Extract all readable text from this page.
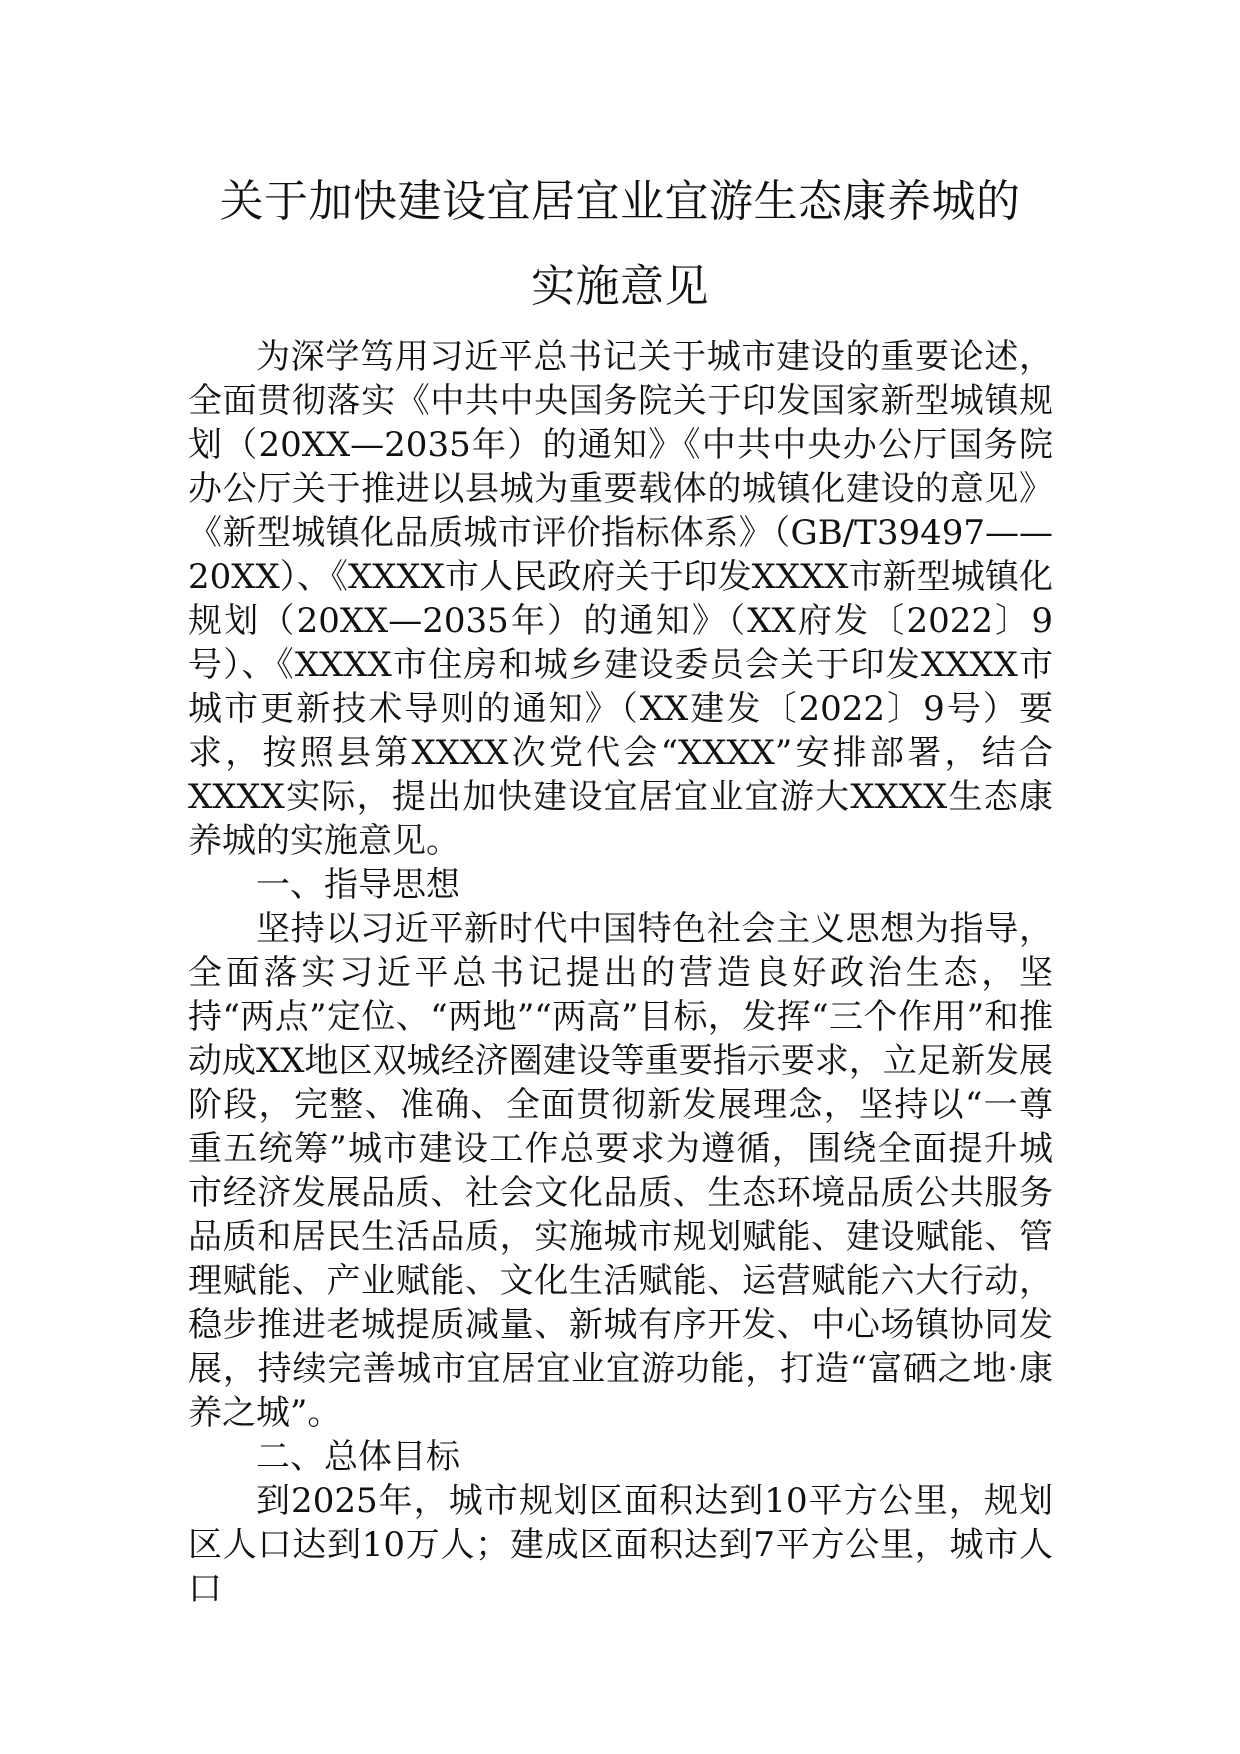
关于加快建设宜居宜业宜游生态康养城的
实施意见

为深学笃用习近平总书记关于城市建设的重要论述，全面贯彻落实《中共中央国务院关于印发国家新型城镇规划（20XX—2035年）的通知》《中共中央办公厅国务院办公厅关于推进以县城为重要载体的城镇化建设的意见》《新型城镇化品质城市评价指标体系》（GB/T39497——20XX）、《XXXX市人民政府关于印发XXXX市新型城镇化规划（20XX—2035年）的通知》（XX府发〔2022〕9号）、《XXXX市住房和城乡建设委员会关于印发XXXX市城市更新技术导则的通知》（XX建发〔2022〕9号）要求，按照县第XXXX次党代会“XXXX”安排部署，结合XXXX实际，提出加快建设宜居宜业宜游大XXXX生态康养城的实施意见。

一、指导思想

坚持以习近平新时代中国特色社会主义思想为指导，全面落实习近平总书记提出的营造良好政治生态，坚持“两点”定位、“两地”“两高”目标，发挥“三个作用”和推动成XX地区双城经济圈建设等重要指示要求，立足新发展阶段，完整、准确、全面贯彻新发展理念，坚持以“一尊重五统筹”城市建设工作总要求为遵循，围绕全面提升城市经济发展品质、社会文化品质、生态环境品质公共服务品质和居民生活品质，实施城市规划赋能、建设赋能、管理赋能、产业赋能、文化生活赋能、运营赋能六大行动，稳步推进老城提质减量、新城有序开发、中心场镇协同发展，持续完善城市宜居宜业宜游功能，打造“富硒之地·康养之城”。

二、总体目标

到2025年，城市规划区面积达到10平方公里，规划区人口达到10万人；建成区面积达到7平方公里，城市人口
